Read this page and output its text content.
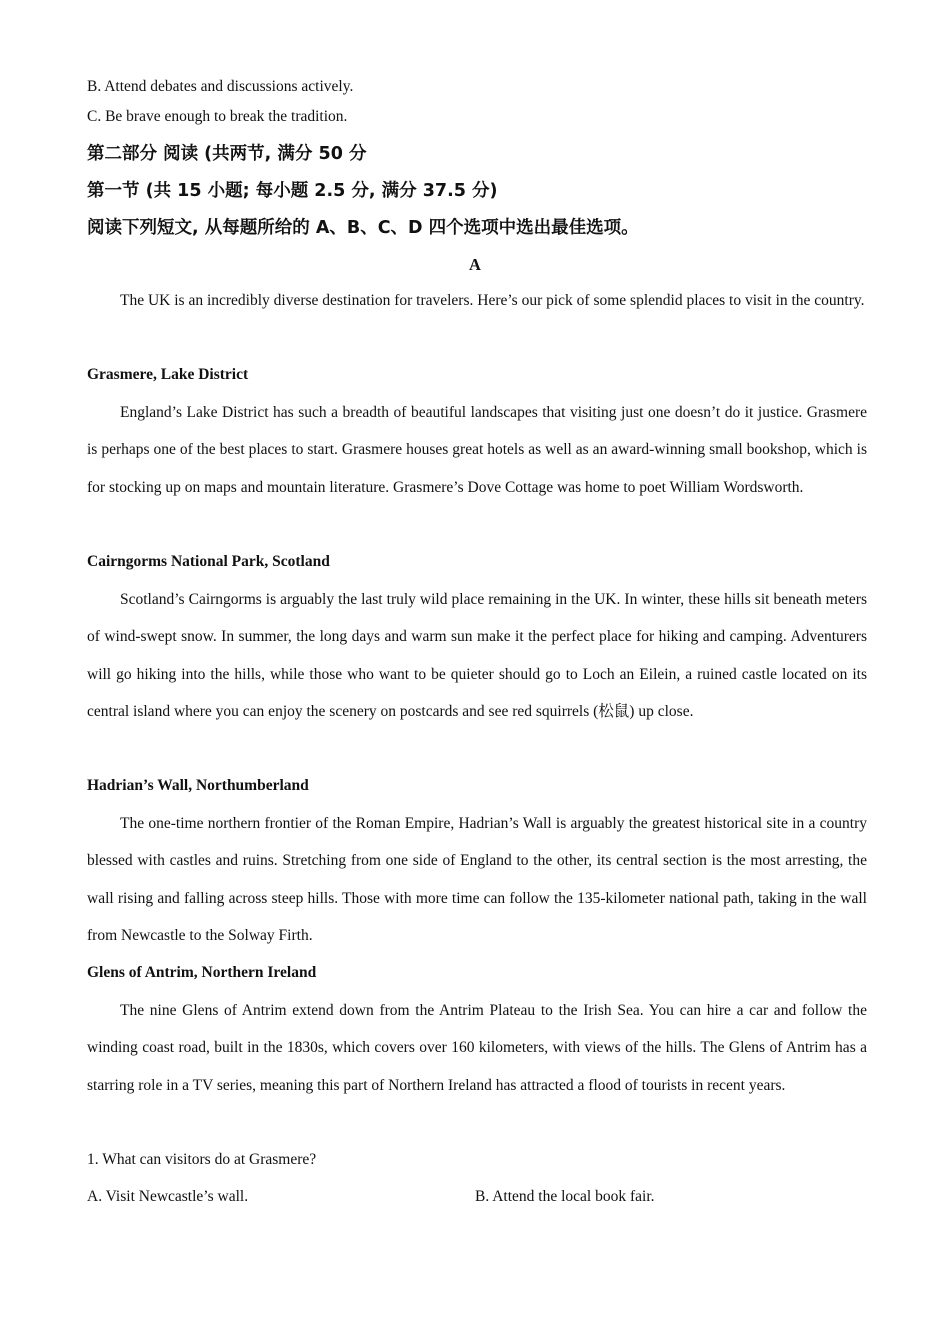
B. Attend debates and discussions actively.
C. Be brave enough to break the tradition.
第二部分 阅读 (共两节, 满分 50 分
第一节 (共 15 小题; 每小题 2.5 分, 满分 37.5 分)
阅读下列短文, 从每题所给的 A、B、C、D 四个选项中选出最佳选项。
A
The UK is an incredibly diverse destination for travelers. Here’s our pick of some splendid places to visit in the country.
Grasmere, Lake District
England’s Lake District has such a breadth of beautiful landscapes that visiting just one doesn’t do it justice. Grasmere is perhaps one of the best places to start. Grasmere houses great hotels as well as an award-winning small bookshop, which is for stocking up on maps and mountain literature. Grasmere’s Dove Cottage was home to poet William Wordsworth.
Cairngorms National Park, Scotland
Scotland’s Cairngorms is arguably the last truly wild place remaining in the UK. In winter, these hills sit beneath meters of wind-swept snow. In summer, the long days and warm sun make it the perfect place for hiking and camping. Adventurers will go hiking into the hills, while those who want to be quieter should go to Loch an Eilein, a ruined castle located on its central island where you can enjoy the scenery on postcards and see red squirrels (松鼠) up close.
Hadrian’s Wall, Northumberland
The one-time northern frontier of the Roman Empire, Hadrian’s Wall is arguably the greatest historical site in a country blessed with castles and ruins. Stretching from one side of England to the other, its central section is the most arresting, the wall rising and falling across steep hills. Those with more time can follow the 135-kilometer national path, taking in the wall from Newcastle to the Solway Firth.
Glens of Antrim, Northern Ireland
The nine Glens of Antrim extend down from the Antrim Plateau to the Irish Sea. You can hire a car and follow the winding coast road, built in the 1830s, which covers over 160 kilometers, with views of the hills. The Glens of Antrim has a starring role in a TV series, meaning this part of Northern Ireland has attracted a flood of tourists in recent years.
1. What can visitors do at Grasmere?
A. Visit Newcastle’s wall.	B. Attend the local book fair.
